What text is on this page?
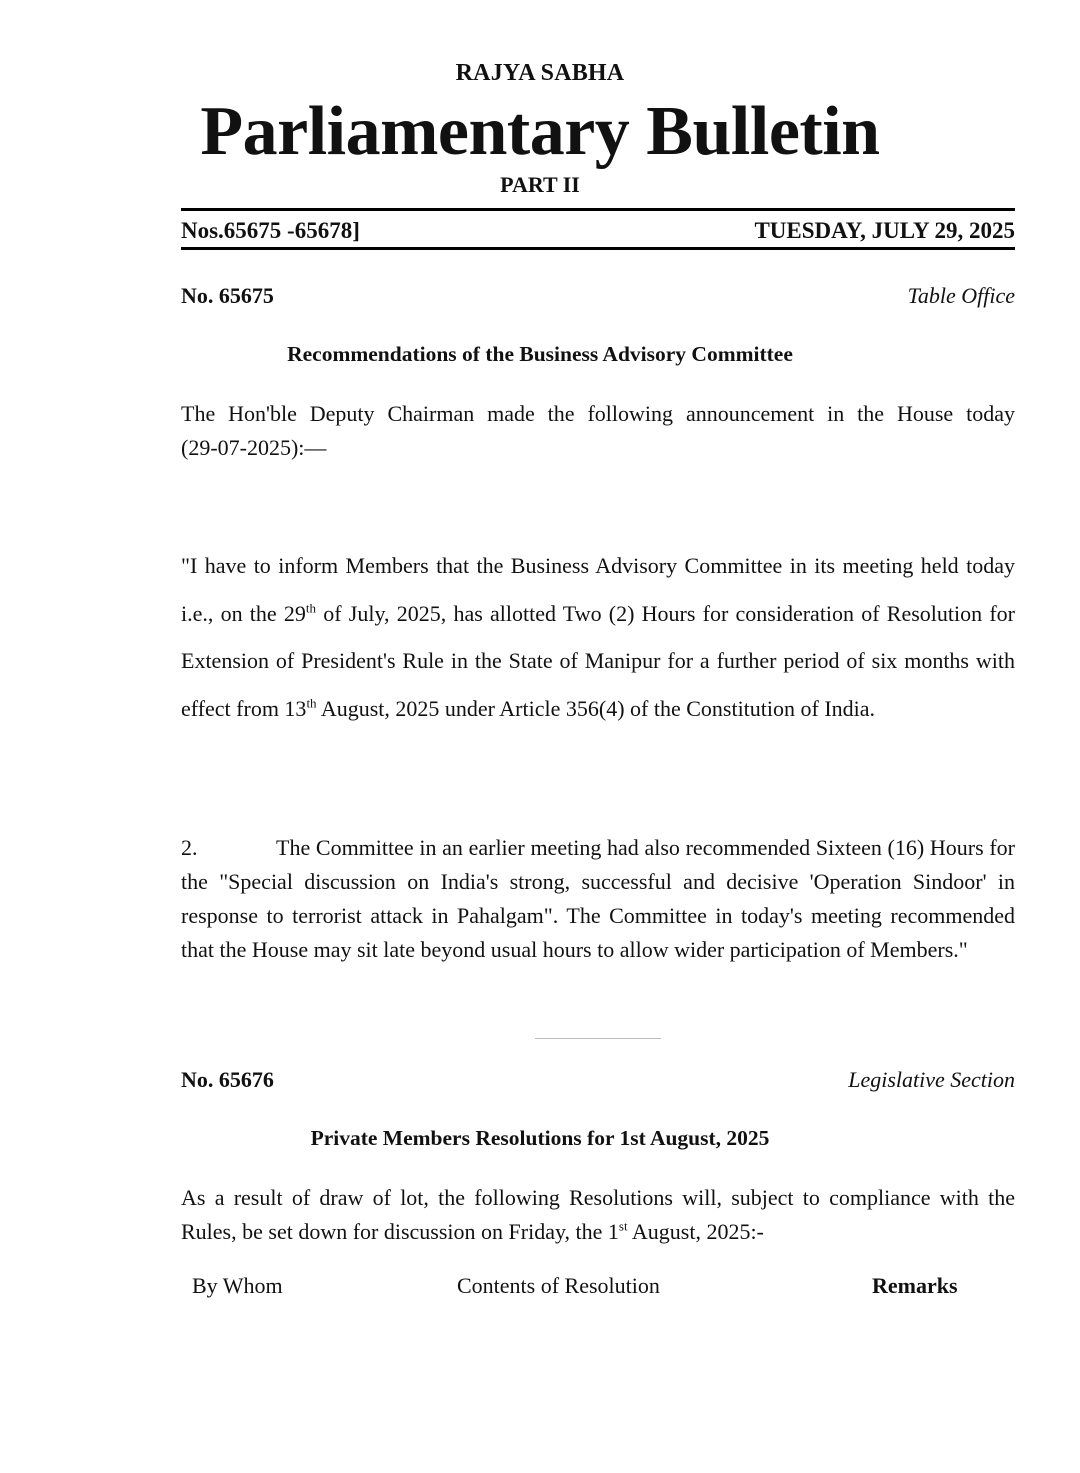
RAJYA SABHA
Parliamentary Bulletin
PART II
Nos.65675 -65678]	TUESDAY, JULY 29, 2025
No. 65675	Table Office
Recommendations of the Business Advisory Committee
The Hon'ble Deputy Chairman made the following announcement in the House today
(29-07-2025):—
"I have to inform Members that the Business Advisory Committee in its meeting held today i.e., on the 29th of July, 2025, has allotted Two (2) Hours for consideration of Resolution for Extension of President's Rule in the State of Manipur for a further period of six months with effect from 13th August, 2025 under Article 356(4) of the Constitution of India.
2.	The Committee in an earlier meeting had also recommended Sixteen (16) Hours for the "Special discussion on India's strong, successful and decisive 'Operation Sindoor' in response to terrorist attack in Pahalgam". The Committee in today's meeting recommended that the House may sit late beyond usual hours to allow wider participation of Members."
No. 65676	Legislative Section
Private Members Resolutions for 1st August, 2025
As a result of draw of lot, the following Resolutions will, subject to compliance with the Rules, be set down for discussion on Friday, the 1st August, 2025:-
By Whom	Contents of Resolution	Remarks
